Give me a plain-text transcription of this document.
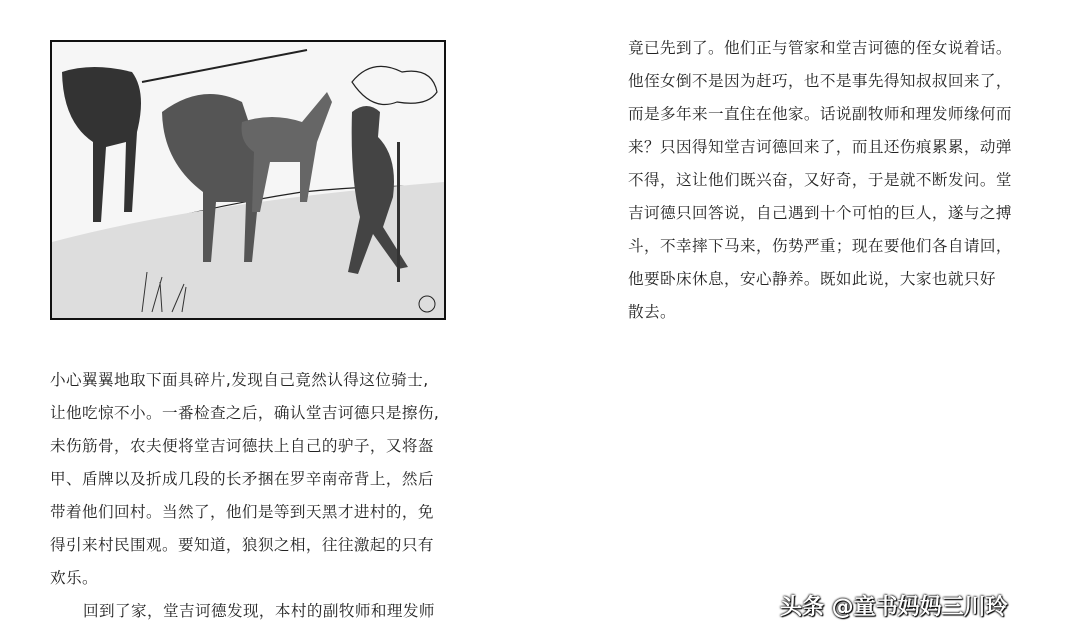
小心翼翼地取下面具碎片,发现自己竟然认得这位骑士,
让他吃惊不小。一番检查之后，确认堂吉诃德只是擦伤,
未伤筋骨，农夫便将堂吉诃德扶上自己的驴子，又将盔
甲、盾牌以及折成几段的长矛捆在罗辛南帝背上，然后
带着他们回村。当然了，他们是等到天黑才进村的，免
得引来村民围观。要知道，狼狈之相，往往激起的只有
欢乐。
回到了家，堂吉诃德发现，本村的副牧师和理发师
竟已先到了。他们正与管家和堂吉诃德的侄女说着话。
他侄女倒不是因为赶巧，也不是事先得知叔叔回来了，
而是多年来一直住在他家。话说副牧师和理发师缘何而
来？只因得知堂吉诃德回来了，而且还伤痕累累，动弹
不得，这让他们既兴奋，又好奇，于是就不断发问。堂
吉诃德只回答说，自己遇到十个可怕的巨人，遂与之搏
斗，不幸摔下马来，伤势严重；现在要他们各自请回，
他要卧床休息，安心静养。既如此说，大家也就只好
散去。
头条 @童书妈妈三川玲
